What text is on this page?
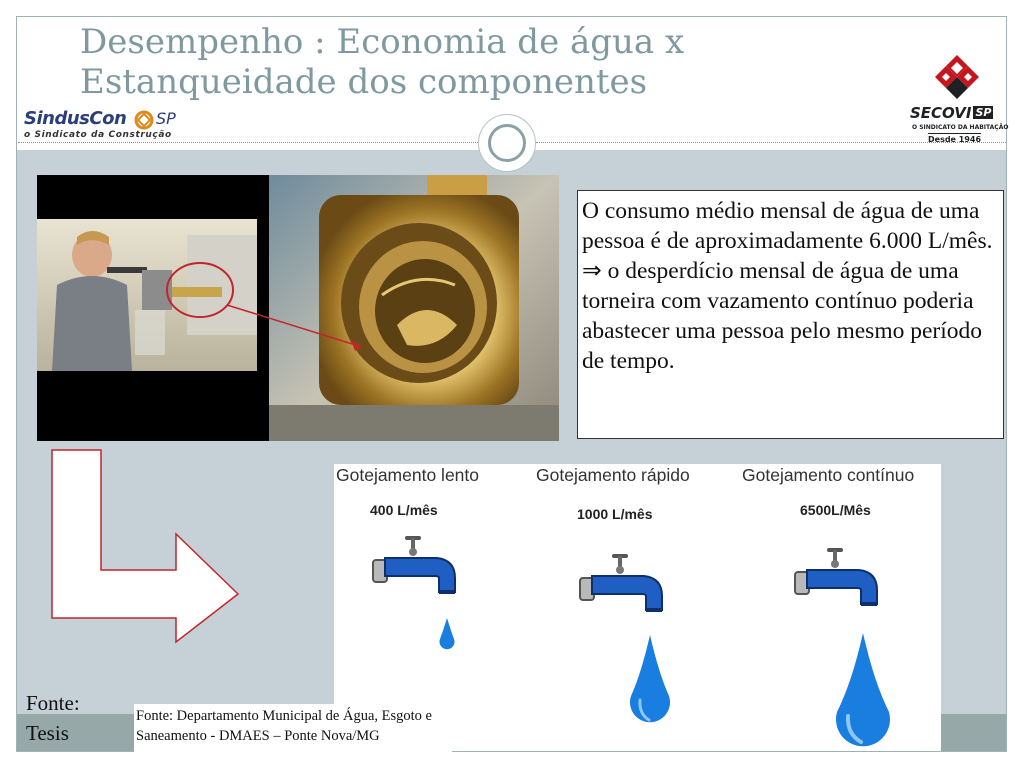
Desempenho : Economia de água x
Estanqueidade dos componentes
SindusCon SP
o Sindicato da Construção
SECOVI SP
O SINDICATO DA HABITAÇÃO
Desde 1946

O consumo médio mensal de água de uma pessoa é de aproximadamente 6.000 L/mês.

⇒ o desperdício mensal de água de uma torneira com vazamento contínuo poderia abastecer uma pessoa pelo mesmo período de tempo.

Gotejamento lento	Gotejamento rápido	Gotejamento contínuo
400 L/mês	1000 L/mês	6500L/Mês
Fonte:
Tesis
Fonte: Departamento Municipal de Água, Esgoto e Saneamento - DMAES – Ponte Nova/MG
